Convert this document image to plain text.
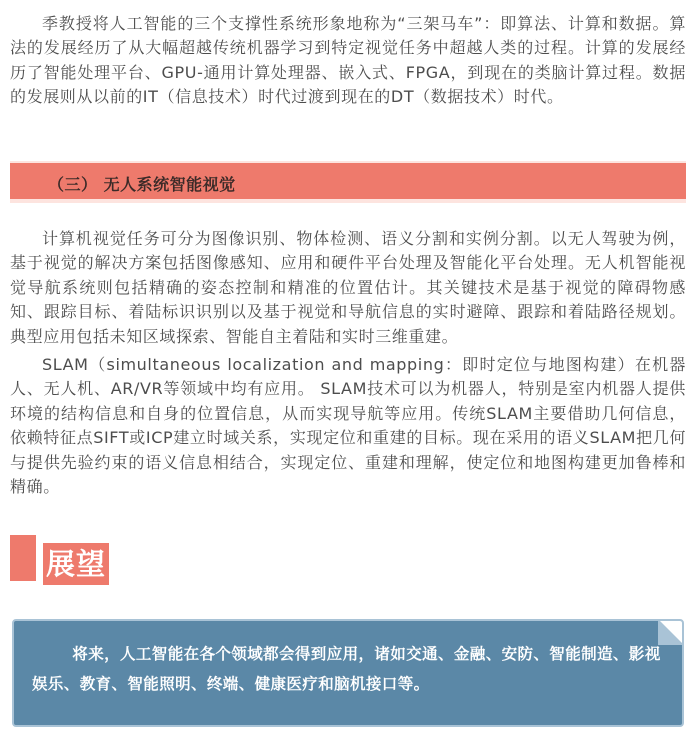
季教授将人工智能的三个支撑性系统形象地称为“三架马车”：即算法、计算和数据。算法的发展经历了从大幅超越传统机器学习到特定视觉任务中超越人类的过程。计算的发展经历了智能处理平台、GPU-通用计算处理器、嵌入式、FPGA，到现在的类脑计算过程。数据的发展则从以前的IT（信息技术）时代过渡到现在的DT（数据技术）时代。

（三） 无人系统智能视觉

计算机视觉任务可分为图像识别、物体检测、语义分割和实例分割。以无人驾驶为例，基于视觉的解决方案包括图像感知、应用和硬件平台处理及智能化平台处理。无人机智能视觉导航系统则包括精确的姿态控制和精准的位置估计。其关键技术是基于视觉的障碍物感知、跟踪目标、着陆标识识别以及基于视觉和导航信息的实时避障、跟踪和着陆路径规划。典型应用包括未知区域探索、智能自主着陆和实时三维重建。

SLAM（simultaneous localization and mapping：即时定位与地图构建）在机器人、无人机、AR/VR等领域中均有应用。 SLAM技术可以为机器人，特别是室内机器人提供环境的结构信息和自身的位置信息，从而实现导航等应用。传统SLAM主要借助几何信息，依赖特征点SIFT或ICP建立时域关系，实现定位和重建的目标。现在采用的语义SLAM把几何与提供先验约束的语义信息相结合，实现定位、重建和理解，使定位和地图构建更加鲁棒和精确。

展望

将来，人工智能在各个领域都会得到应用，诸如交通、金融、安防、智能制造、影视娱乐、教育、智能照明、终端、健康医疗和脑机接口等。
